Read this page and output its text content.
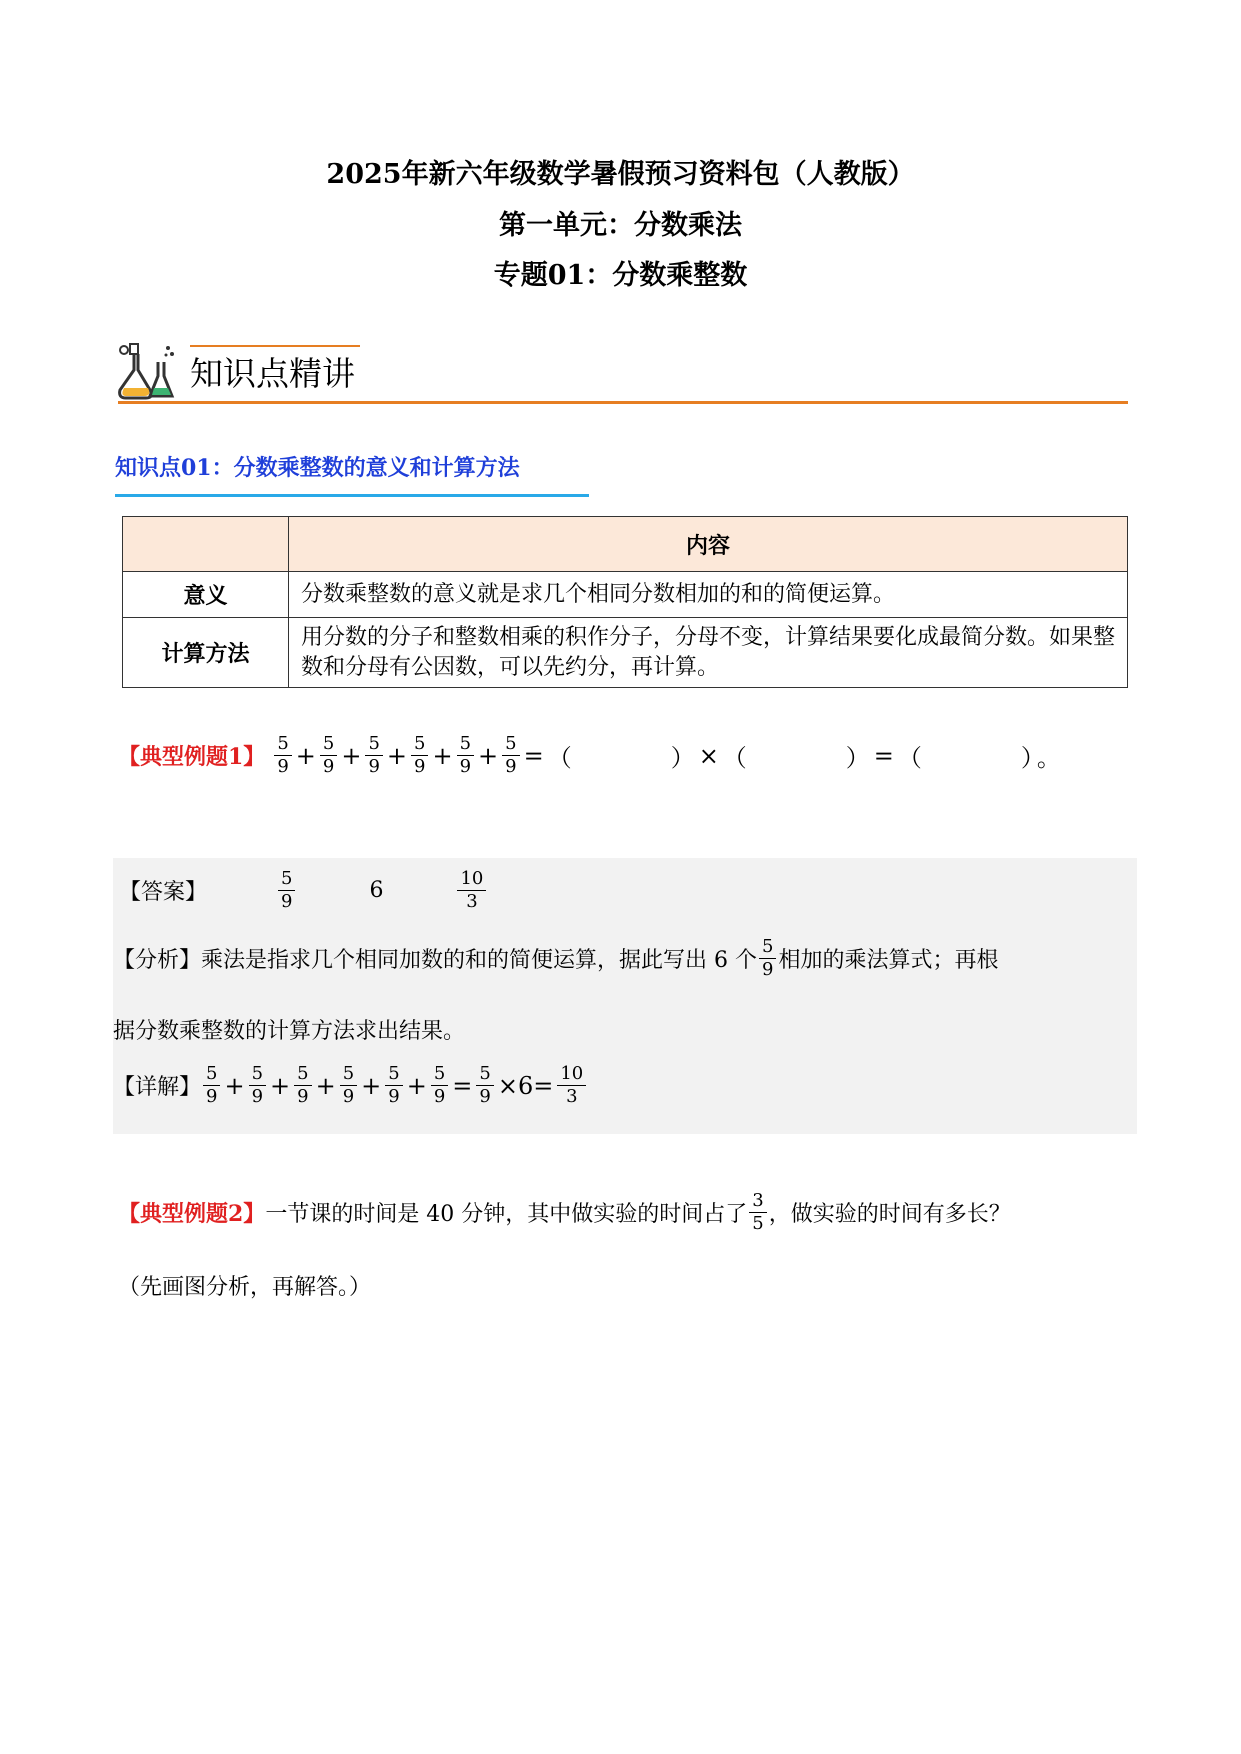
2025年新六年级数学暑假预习资料包（人教版）
第一单元：分数乘法
专题01：分数乘整数
知识点精讲
知识点01：分数乘整数的意义和计算方法
	内容
意义	分数乘整数的意义就是求几个相同分数相加的和的简便运算。
计算方法	用分数的分子和整数相乘的积作分子，分母不变，计算结果要化成最简分数。如果整数和分母有公因数，可以先约分，再计算。
【典型例题1】 $\frac{5}{9} + \frac{5}{9} + \frac{5}{9} + \frac{5}{9} + \frac{5}{9} + \frac{5}{9}$ = （	） × （	） = （	） 。
【答案】	$\frac{5}{9}$	6	$\frac{10}{3}$
【分析】乘法是指求几个相同加数的和的简便运算，据此写出 6 个 $\frac{5}{9}$ 相加的乘法算式；再根
据分数乘整数的计算方法求出结果。
【详解】 $\frac{5}{9} + \frac{5}{9} + \frac{5}{9} + \frac{5}{9} + \frac{5}{9} + \frac{5}{9} = \frac{5}{9} \times 6= \frac{10}{3}$
【典型例题2】一节课的时间是 40 分钟，其中做实验的时间占了 $\frac{3}{5}$ ，做实验的时间有多长？
（先画图分析，再解答。）
